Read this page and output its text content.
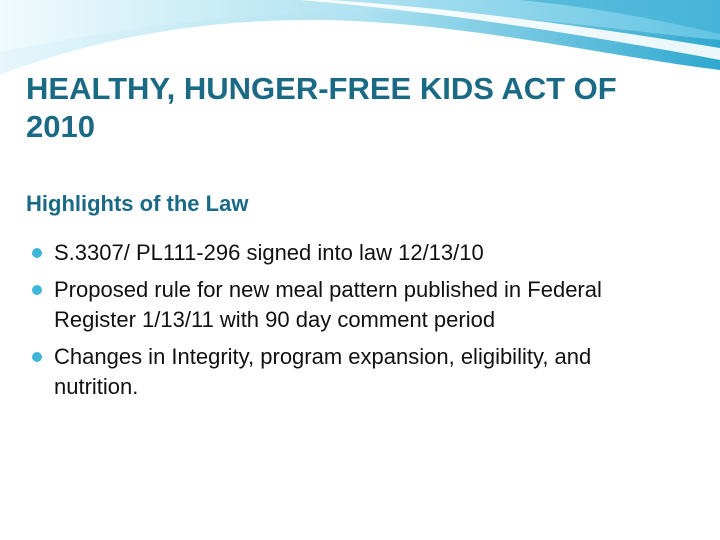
HEALTHY, HUNGER-FREE KIDS ACT OF 2010
Highlights of the Law
S.3307/ PL111-296 signed into law 12/13/10
Proposed rule for new meal pattern published in Federal Register 1/13/11 with 90 day comment period
Changes in Integrity, program expansion, eligibility, and nutrition.
